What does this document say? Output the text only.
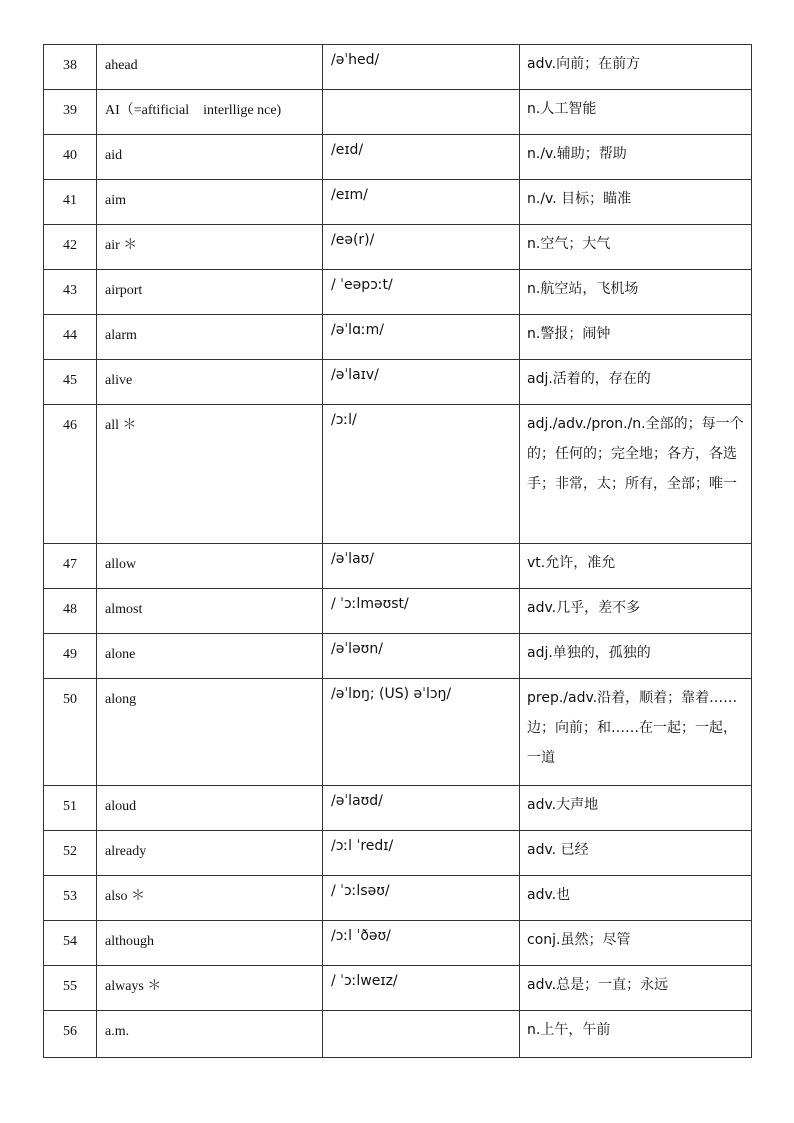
38	ahead	/əˈhed/	adv.向前；在前方
39	AI（=aftificial　interllige nce)		n.人工智能
40	aid	/eɪd/	n./v.辅助；帮助
41	aim	/eɪm/	n./v. 目标；瞄准
42	air ＊	/eə(r)/	n.空气；大气
43	airport	/ ˈeəpɔːt/	n.航空站，飞机场
44	alarm	/əˈlɑːm/	n.警报；闹钟
45	alive	/əˈlaɪv/	adj.活着的，存在的
46	all ＊	/ɔːl/	adj./adv./pron./n.全部的；每一个的；任何的；完全地；各方，各选手；非常，太；所有，全部；唯一
47	allow	/əˈlaʊ/	vt.允许，准允
48	almost	/ ˈɔːlməʊst/	adv.几乎，差不多
49	alone	/əˈləʊn/	adj.单独的，孤独的
50	along	/əˈlɒŋ; (US) əˈlɔŋ/	prep./adv.沿着，顺着；靠着……边；向前；和……在一起；一起，一道
51	aloud	/əˈlaʊd/	adv.大声地
52	already	/ɔːl ˈredɪ/	adv. 已经
53	also ＊	/ ˈɔːlsəʊ/	adv.也
54	although	/ɔːl ˈðəʊ/	conj.虽然；尽管
55	always ＊	/ ˈɔːlweɪz/	adv.总是；一直；永远
56	a.m.		n.上午，午前
